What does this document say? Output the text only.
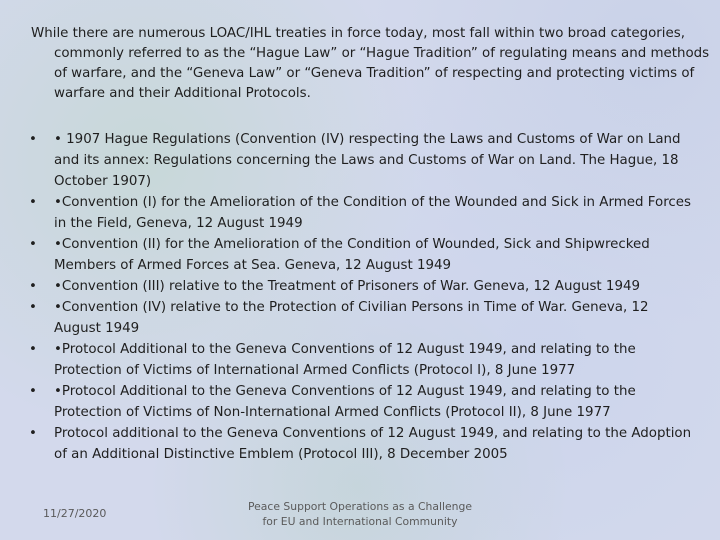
While there are numerous LOAC/IHL treaties in force today, most fall within two broad categories, commonly referred to as the “Hague Law” or “Hague Tradition” of regulating means and methods of warfare, and the “Geneva Law” or “Geneva Tradition” of respecting and protecting victims of warfare and their Additional Protocols.
• • 1907 Hague Regulations (Convention (IV) respecting the Laws and Customs of War on Land and its annex: Regulations concerning the Laws and Customs of War on Land. The Hague, 18 October 1907)
• •Convention (I) for the Amelioration of the Condition of the Wounded and Sick in Armed Forces in the Field, Geneva, 12 August 1949
• •Convention (II) for the Amelioration of the Condition of Wounded, Sick and Shipwrecked Members of Armed Forces at Sea. Geneva, 12 August 1949
• •Convention (III) relative to the Treatment of Prisoners of War. Geneva, 12 August 1949
• •Convention (IV) relative to the Protection of Civilian Persons in Time of War. Geneva, 12 August 1949
• •Protocol Additional to the Geneva Conventions of 12 August 1949, and relating to the Protection of Victims of International Armed Conflicts (Protocol I), 8 June 1977
• •Protocol Additional to the Geneva Conventions of 12 August 1949, and relating to the Protection of Victims of Non-International Armed Conflicts (Protocol II), 8 June 1977
• Protocol additional to the Geneva Conventions of 12 August 1949, and relating to the Adoption of an Additional Distinctive Emblem (Protocol III), 8 December 2005
11/27/2020
Peace Support Operations as a Challenge for EU and International Community
